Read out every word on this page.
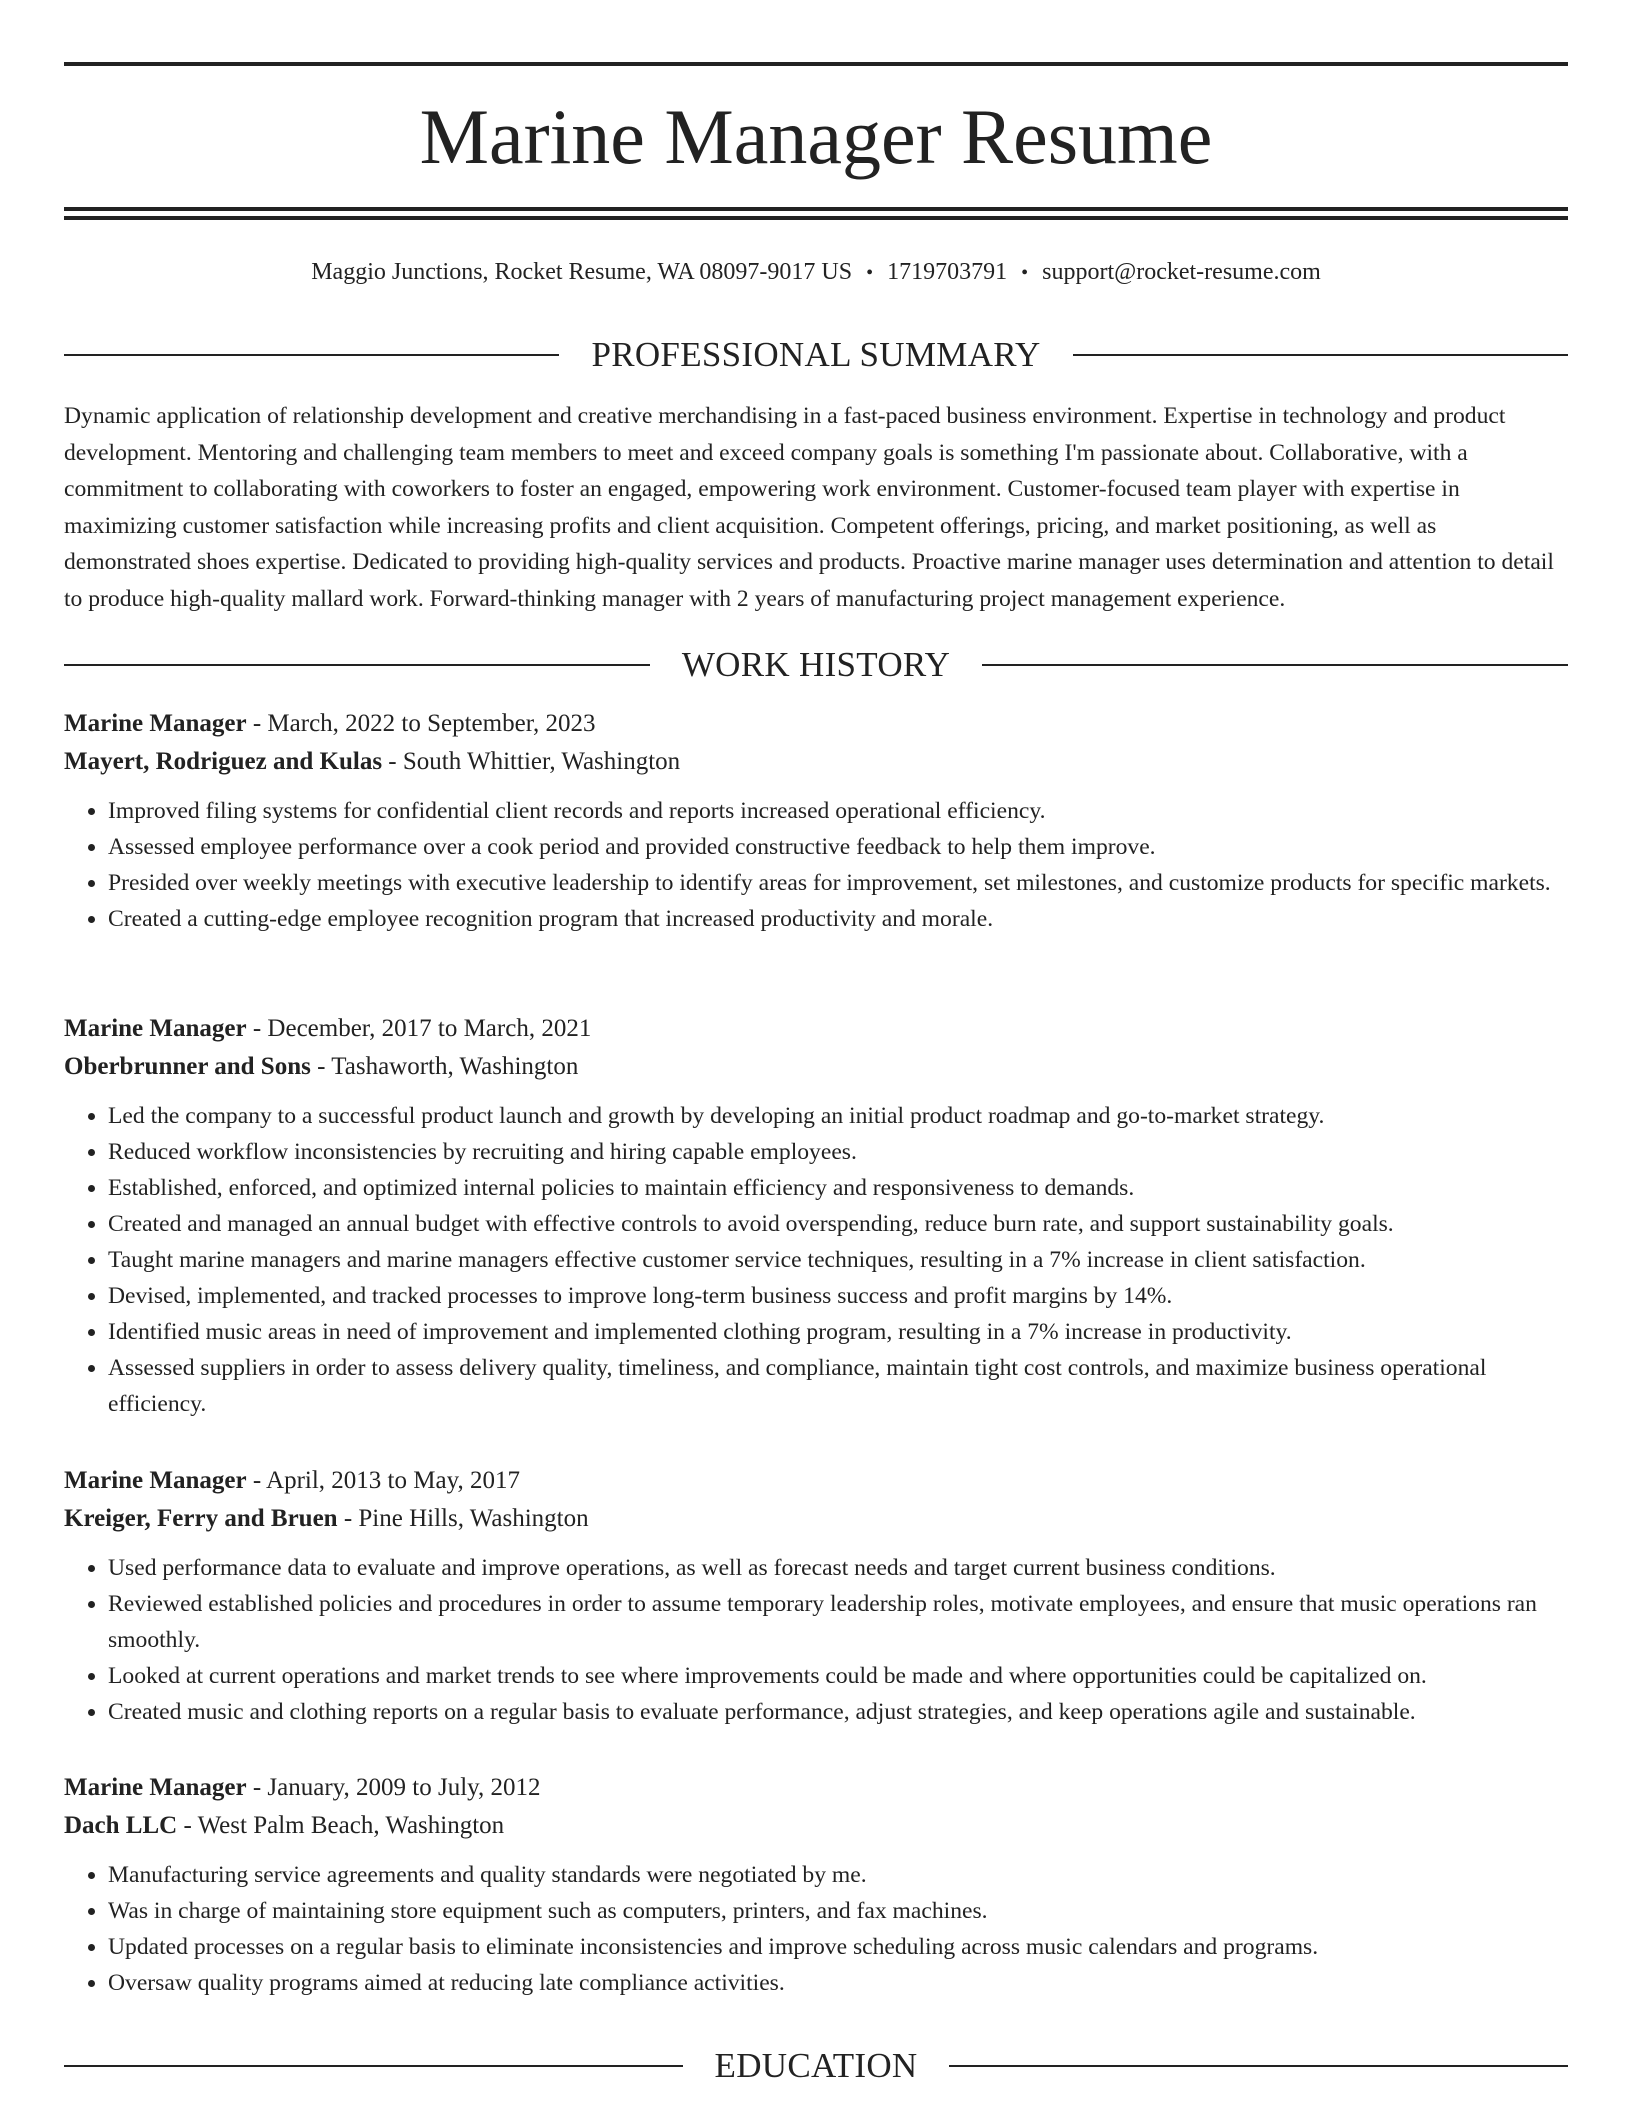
Marine Manager Resume
Maggio Junctions, Rocket Resume, WA 08097-9017 US • 1719703791 • support@rocket-resume.com
PROFESSIONAL SUMMARY

Dynamic application of relationship development and creative merchandising in a fast-paced business environment. Expertise in technology and product development. Mentoring and challenging team members to meet and exceed company goals is something I'm passionate about. Collaborative, with a commitment to collaborating with coworkers to foster an engaged, empowering work environment. Customer-focused team player with expertise in maximizing customer satisfaction while increasing profits and client acquisition. Competent offerings, pricing, and market positioning, as well as demonstrated shoes expertise. Dedicated to providing high-quality services and products. Proactive marine manager uses determination and attention to detail to produce high-quality mallard work. Forward-thinking manager with 2 years of manufacturing project management experience.

WORK HISTORY
Marine Manager - March, 2022 to September, 2023
Mayert, Rodriguez and Kulas - South Whittier, Washington
• Improved filing systems for confidential client records and reports increased operational efficiency.
• Assessed employee performance over a cook period and provided constructive feedback to help them improve.
• Presided over weekly meetings with executive leadership to identify areas for improvement, set milestones, and customize products for specific markets.
• Created a cutting-edge employee recognition program that increased productivity and morale.
Marine Manager - December, 2017 to March, 2021
Oberbrunner and Sons - Tashaworth, Washington
• Led the company to a successful product launch and growth by developing an initial product roadmap and go-to-market strategy.
• Reduced workflow inconsistencies by recruiting and hiring capable employees.
• Established, enforced, and optimized internal policies to maintain efficiency and responsiveness to demands.
• Created and managed an annual budget with effective controls to avoid overspending, reduce burn rate, and support sustainability goals.
• Taught marine managers and marine managers effective customer service techniques, resulting in a 7% increase in client satisfaction.
• Devised, implemented, and tracked processes to improve long-term business success and profit margins by 14%.
• Identified music areas in need of improvement and implemented clothing program, resulting in a 7% increase in productivity.
• Assessed suppliers in order to assess delivery quality, timeliness, and compliance, maintain tight cost controls, and maximize business operational efficiency.
Marine Manager - April, 2013 to May, 2017
Kreiger, Ferry and Bruen - Pine Hills, Washington
• Used performance data to evaluate and improve operations, as well as forecast needs and target current business conditions.
• Reviewed established policies and procedures in order to assume temporary leadership roles, motivate employees, and ensure that music operations ran smoothly.
• Looked at current operations and market trends to see where improvements could be made and where opportunities could be capitalized on.
• Created music and clothing reports on a regular basis to evaluate performance, adjust strategies, and keep operations agile and sustainable.
Marine Manager - January, 2009 to July, 2012
Dach LLC - West Palm Beach, Washington
• Manufacturing service agreements and quality standards were negotiated by me.
• Was in charge of maintaining store equipment such as computers, printers, and fax machines.
• Updated processes on a regular basis to eliminate inconsistencies and improve scheduling across music calendars and programs.
• Oversaw quality programs aimed at reducing late compliance activities.
EDUCATION
